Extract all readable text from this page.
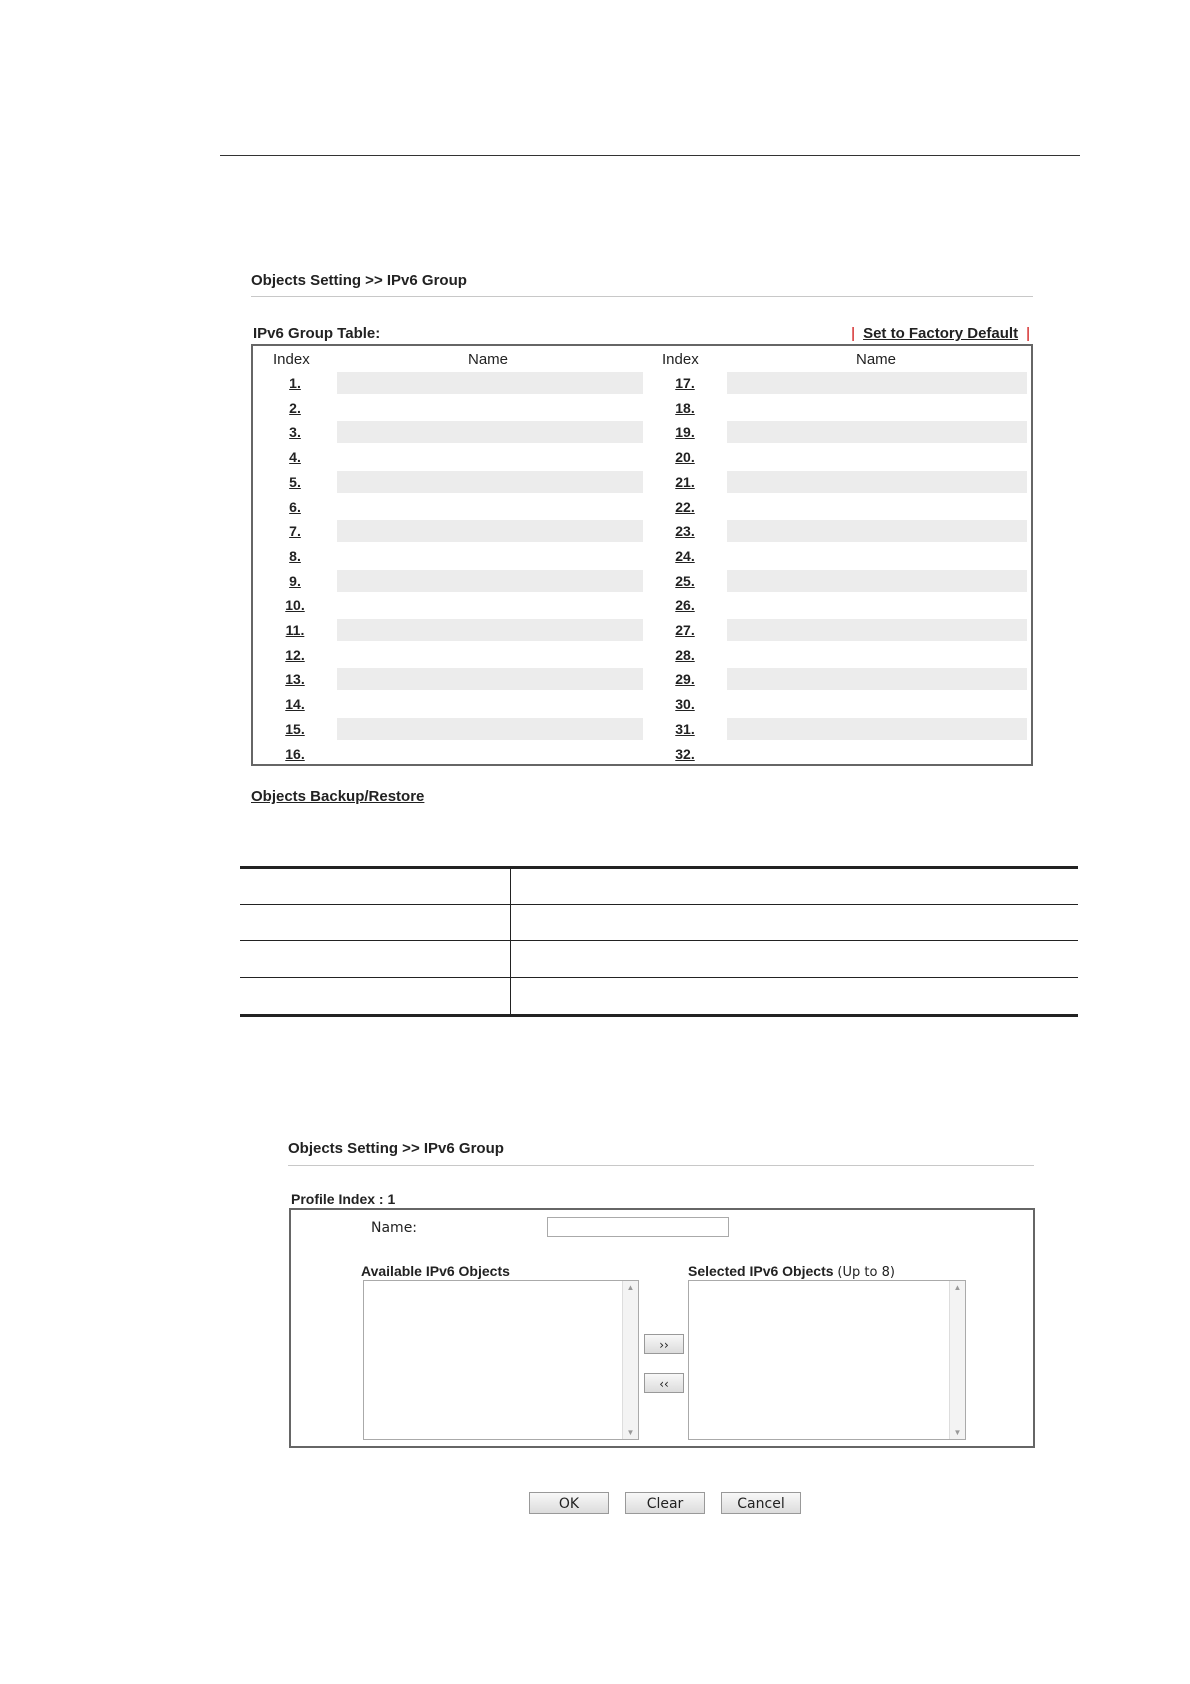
Objects Setting >> IPv6 Group
IPv6 Group Table:	| Set to Factory Default |
Index	Name	Index	Name
1.	17.
2.	18.
3.	19.
4.	20.
5.	21.
6.	22.
7.	23.
8.	24.
9.	25.
10.	26.
11.	27.
12.	28.
13.	29.
14.	30.
15.	31.
16.	32.
Objects Backup/Restore
Objects Setting >> IPv6 Group
Profile Index : 1
Name:
Available IPv6 Objects	Selected IPv6 Objects (Up to 8)
▲
▼
››
‹‹
▲
▼
OK	Clear	Cancel
